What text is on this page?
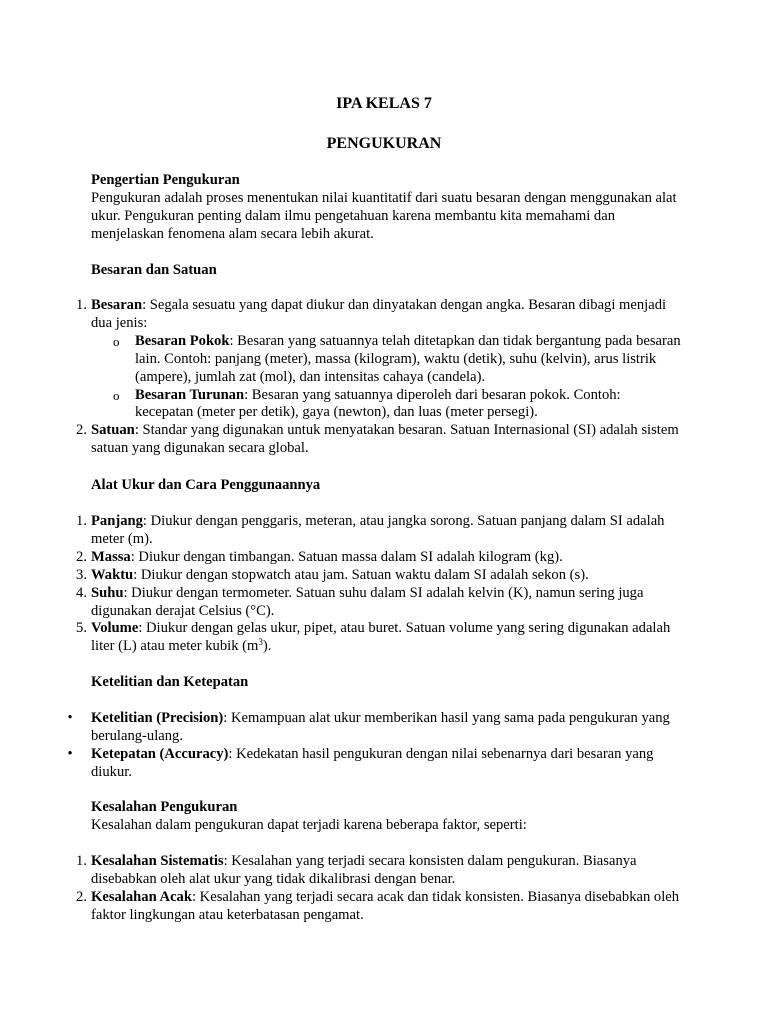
IPA KELAS 7
PENGUKURAN
Pengertian Pengukuran

Pengukuran adalah proses menentukan nilai kuantitatif dari suatu besaran dengan menggunakan alat ukur. Pengukuran penting dalam ilmu pengetahuan karena membantu kita memahami dan menjelaskan fenomena alam secara lebih akurat.

Besaran dan Satuan
1. Besaran: Segala sesuatu yang dapat diukur dan dinyatakan dengan angka. Besaran dibagi menjadi dua jenis:
o Besaran Pokok: Besaran yang satuannya telah ditetapkan dan tidak bergantung pada besaran lain. Contoh: panjang (meter), massa (kilogram), waktu (detik), suhu (kelvin), arus listrik (ampere), jumlah zat (mol), dan intensitas cahaya (candela).
o Besaran Turunan: Besaran yang satuannya diperoleh dari besaran pokok. Contoh: kecepatan (meter per detik), gaya (newton), dan luas (meter persegi).
2. Satuan: Standar yang digunakan untuk menyatakan besaran. Satuan Internasional (SI) adalah sistem satuan yang digunakan secara global.
Alat Ukur dan Cara Penggunaannya
1. Panjang: Diukur dengan penggaris, meteran, atau jangka sorong. Satuan panjang dalam SI adalah meter (m).
2. Massa: Diukur dengan timbangan. Satuan massa dalam SI adalah kilogram (kg).
3. Waktu: Diukur dengan stopwatch atau jam. Satuan waktu dalam SI adalah sekon (s).
4. Suhu: Diukur dengan termometer. Satuan suhu dalam SI adalah kelvin (K), namun sering juga digunakan derajat Celsius (°C).
5. Volume: Diukur dengan gelas ukur, pipet, atau buret. Satuan volume yang sering digunakan adalah liter (L) atau meter kubik $(m^3)$.
Ketelitian dan Ketepatan
• Ketelitian (Precision): Kemampuan alat ukur memberikan hasil yang sama pada pengukuran yang berulang-ulang.
• Ketepatan (Accuracy): Kedekatan hasil pengukuran dengan nilai sebenarnya dari besaran yang diukur.
Kesalahan Pengukuran

Kesalahan dalam pengukuran dapat terjadi karena beberapa faktor, seperti:

1. Kesalahan Sistematis: Kesalahan yang terjadi secara konsisten dalam pengukuran. Biasanya disebabkan oleh alat ukur yang tidak dikalibrasi dengan benar.
2. Kesalahan Acak: Kesalahan yang terjadi secara acak dan tidak konsisten. Biasanya disebabkan oleh faktor lingkungan atau keterbatasan pengamat.
